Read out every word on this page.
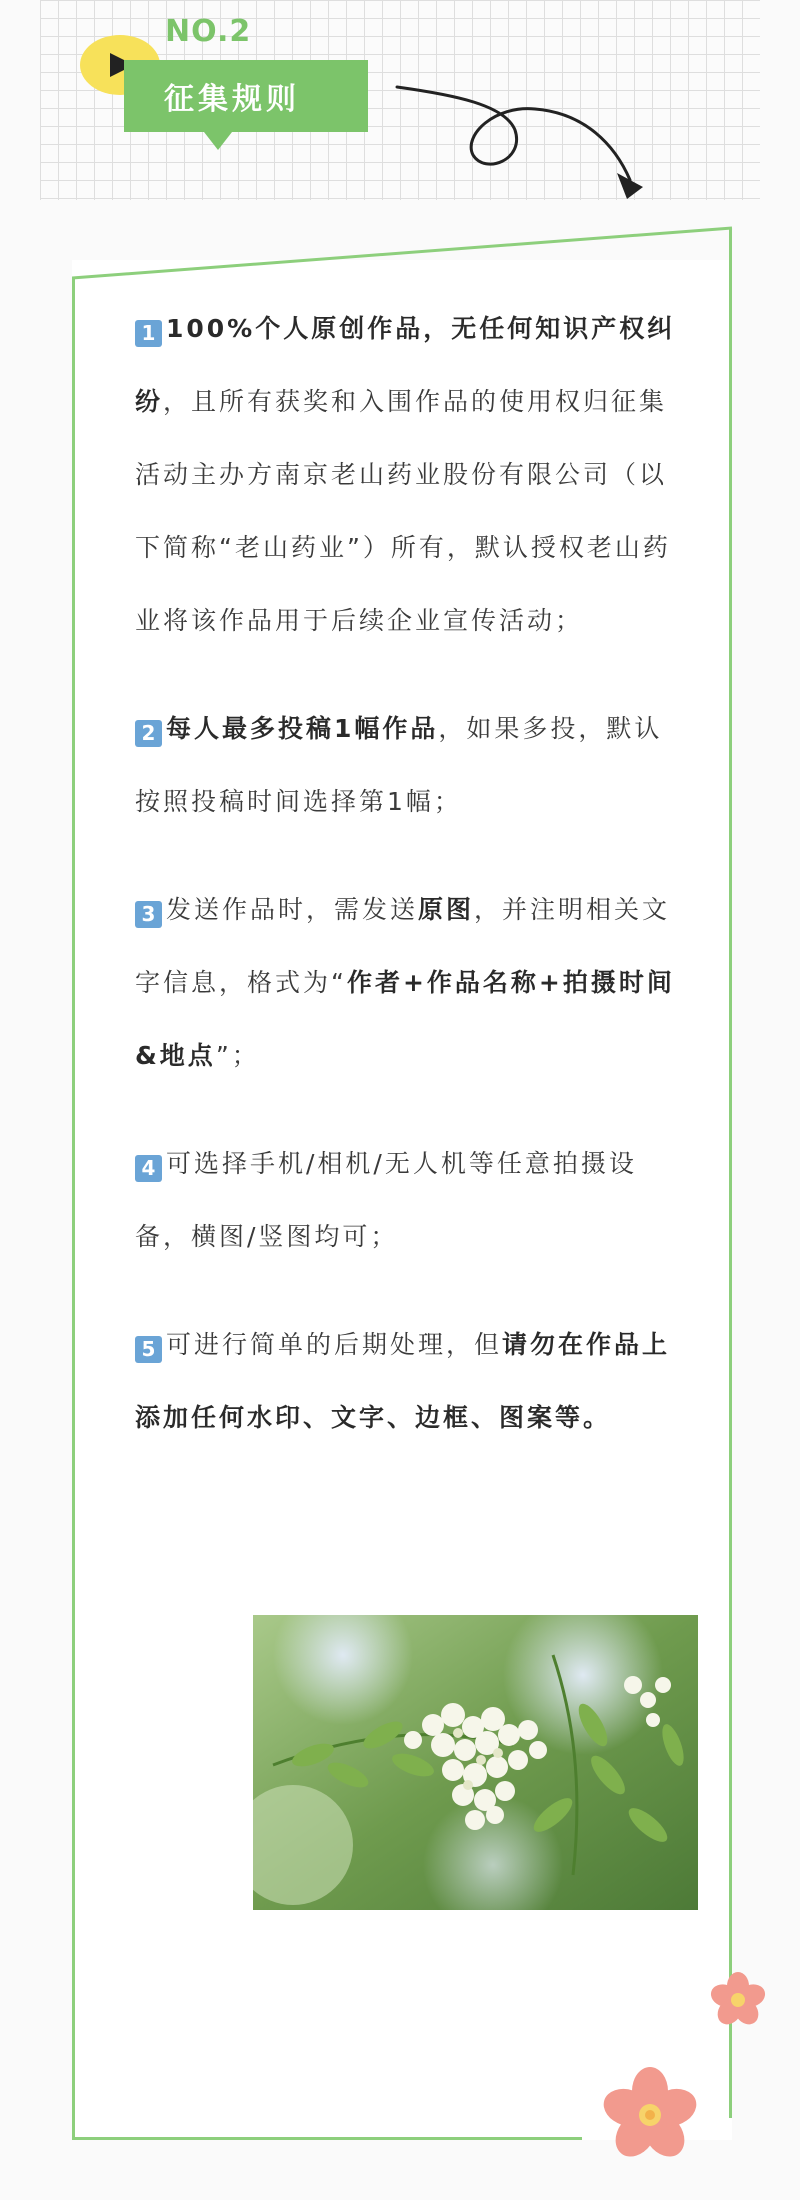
NO.2
征集规则
1 100%个人原创作品，无任何知识产权纠纷，且所有获奖和入围作品的使用权归征集活动主办方南京老山药业股份有限公司（以下简称“老山药业”）所有，默认授权老山药业将该作品用于后续企业宣传活动；
2 每人最多投稿1幅作品，如果多投，默认按照投稿时间选择第1幅；
3 发送作品时，需发送原图，并注明相关文字信息，格式为“作者+作品名称+拍摄时间&地点”；
4 可选择手机/相机/无人机等任意拍摄设备，横图/竖图均可；
5 可进行简单的后期处理，但请勿在作品上添加任何水印、文字、边框、图案等。
